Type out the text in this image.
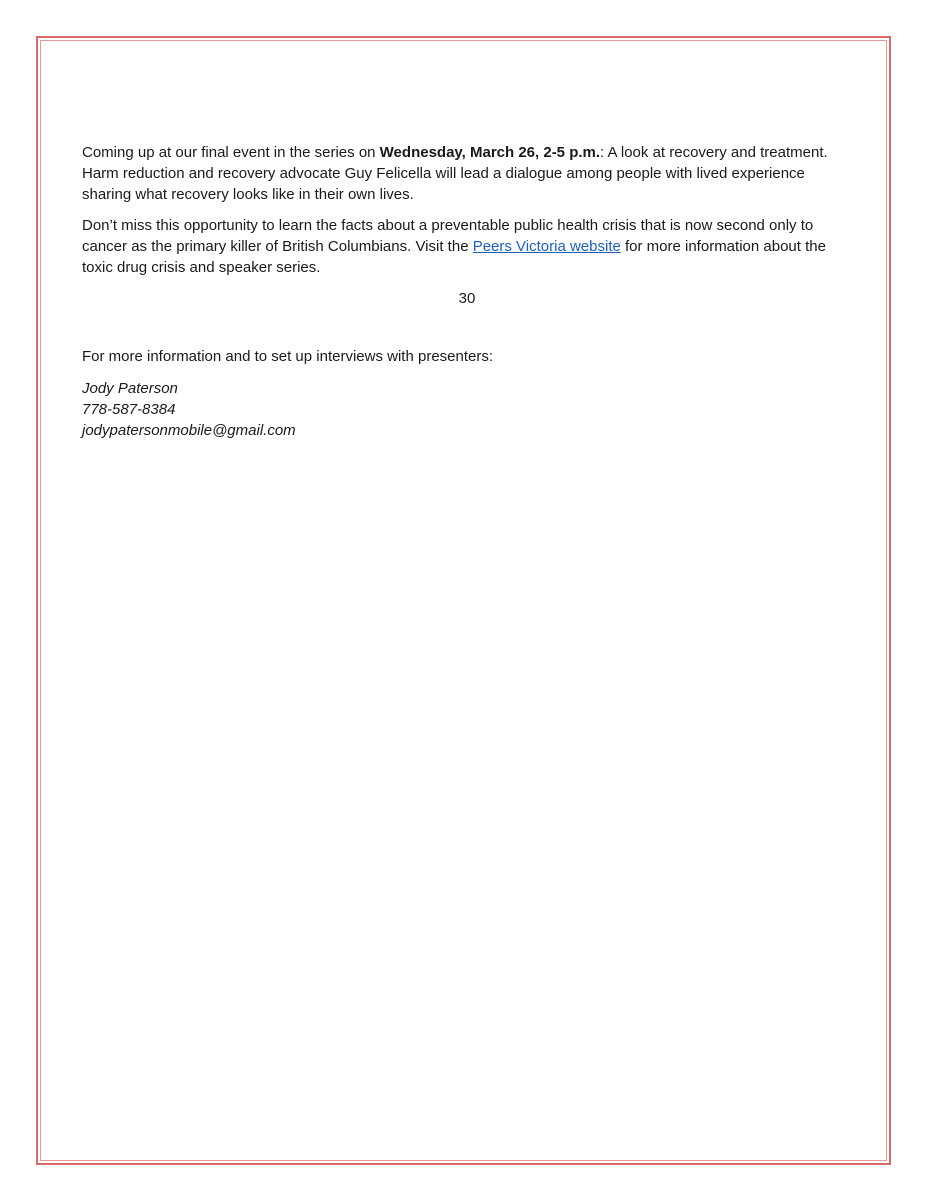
Coming up at our final event in the series on Wednesday, March 26, 2-5 p.m.: A look at recovery and treatment. Harm reduction and recovery advocate Guy Felicella will lead a dialogue among people with lived experience sharing what recovery looks like in their own lives.

Don’t miss this opportunity to learn the facts about a preventable public health crisis that is now second only to cancer as the primary killer of British Columbians. Visit the Peers Victoria website for more information about the toxic drug crisis and speaker series.

30

For more information and to set up interviews with presenters:

Jody Paterson

778-587-8384

jodypatersonmobile@gmail.com
